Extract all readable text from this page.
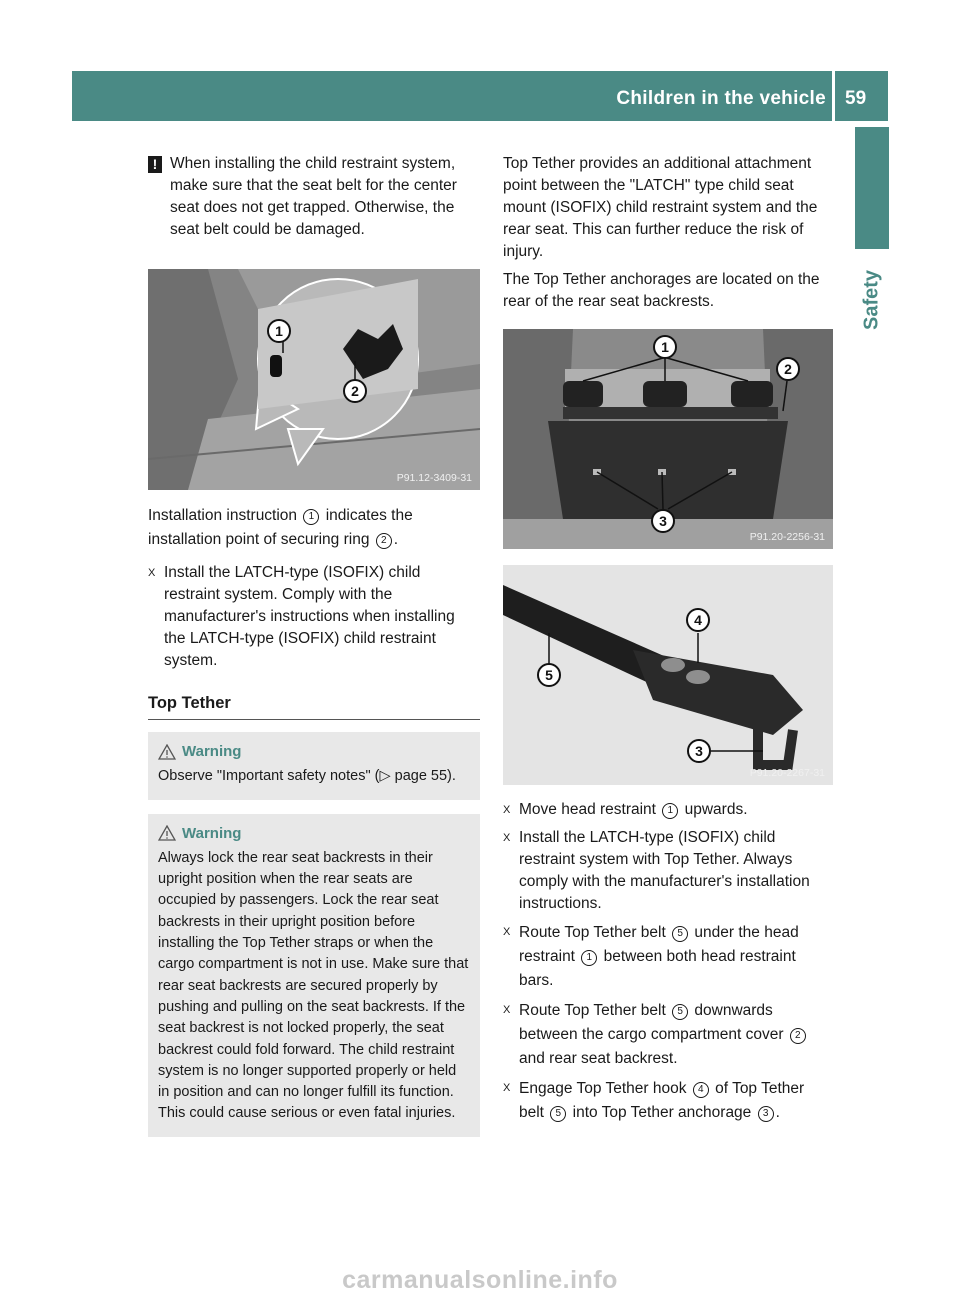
Children in the vehicle 59
Safety
! When installing the child restraint system, make sure that the seat belt for the center seat does not get trapped. Otherwise, the seat belt could be damaged.
1
2
P91.12-3409-31

Installation instruction 1 indicates the installation point of securing ring 2 .

X Install the LATCH-type (ISOFIX) child restraint system. Comply with the manufacturer's instructions when installing the LATCH-type (ISOFIX) child restraint system.
Top Tether
Warning
Observe "Important safety notes" (▷ page 55).
Warning
Always lock the rear seat backrests in their upright position when the rear seats are occupied by passengers. Lock the rear seat backrests in their upright position before installing the Top Tether straps or when the cargo compartment is not in use. Make sure that rear seat backrests are secured properly by pushing and pulling on the seat backrests. If the seat backrest is not locked properly, the seat backrest could fold forward. The child restraint system is no longer supported properly or held in position and can no longer fulfill its function. This could cause serious or even fatal injuries.

Top Tether provides an additional attachment point between the "LATCH" type child seat mount (ISOFIX) child restraint system and the rear seat. This can further reduce the risk of injury.

The Top Tether anchorages are located on the rear of the rear seat backrests.

1
2
3
P91.20-2256-31
4
5
3
P91.20-2267-31
X Move head restraint 1 upwards.
X Install the LATCH-type (ISOFIX) child restraint system with Top Tether. Always comply with the manufacturer's installation instructions.
X Route Top Tether belt 5 under the head restraint 1 between both head restraint bars.
X Route Top Tether belt 5 downwards between the cargo compartment cover 2 and rear seat backrest.
X Engage Top Tether hook 4 of Top Tether belt 5 into Top Tether anchorage 3 .
carmanualsonline.info
